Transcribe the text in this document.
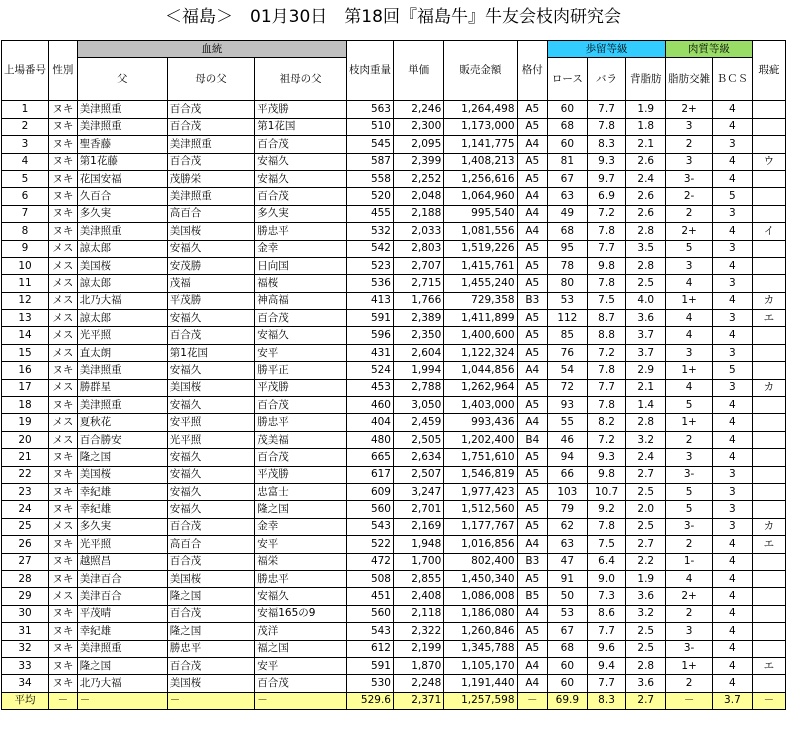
＜福島＞　01月30日　第18回『福島牛』牛友会枝肉研究会
上場番号	性別	血統			枝肉重量	単価	販売金額	格付	歩留等級			肉質等級		瑕疵
		父	母の父	祖母の父					ロース	バラ	背脂肪	脂肪交雑	ＢＣＳ	
1	ヌキ	美津照重	百合茂	平茂勝	563	2,246	1,264,498	A5	60	7.7	1.9	2+	4	
2	ヌキ	美津照重	百合茂	第1花国	510	2,300	1,173,000	A5	68	7.8	1.8	3	4	
3	ヌキ	聖香藤	美津照重	百合茂	545	2,095	1,141,775	A4	60	8.3	2.1	2	3	
4	ヌキ	第1花藤	百合茂	安福久	587	2,399	1,408,213	A5	81	9.3	2.6	3	4	ウ
5	ヌキ	花国安福	茂勝栄	安福久	558	2,252	1,256,616	A5	67	9.7	2.4	3-	4	
6	ヌキ	久百合	美津照重	百合茂	520	2,048	1,064,960	A4	63	6.9	2.6	2-	5	
7	ヌキ	多久実	高百合	多久実	455	2,188	995,540	A4	49	7.2	2.6	2	3	
8	ヌキ	美津照重	美国桜	勝忠平	532	2,033	1,081,556	A4	68	7.8	2.8	2+	4	イ
9	メス	諒太郎	安福久	金幸	542	2,803	1,519,226	A5	95	7.7	3.5	5	3	
10	メス	美国桜	安茂勝	日向国	523	2,707	1,415,761	A5	78	9.8	2.8	3	4	
11	メス	諒太郎	茂福	福桜	536	2,715	1,455,240	A5	80	7.8	2.5	4	3	
12	メス	北乃大福	平茂勝	神高福	413	1,766	729,358	B3	53	7.5	4.0	1+	4	カ
13	メス	諒太郎	安福久	百合茂	591	2,389	1,411,899	A5	112	8.7	3.6	4	3	エ
14	メス	光平照	百合茂	安福久	596	2,350	1,400,600	A5	85	8.8	3.7	4	4	
15	メス	直太朗	第1花国	安平	431	2,604	1,122,324	A5	76	7.2	3.7	3	3	
16	ヌキ	美津照重	安福久	勝平正	524	1,994	1,044,856	A4	54	7.8	2.9	1+	5	
17	メス	勝群星	美国桜	平茂勝	453	2,788	1,262,964	A5	72	7.7	2.1	4	3	カ
18	ヌキ	美津照重	安福久	百合茂	460	3,050	1,403,000	A5	93	7.8	1.4	5	4	
19	メス	夏秋花	安平照	勝忠平	404	2,459	993,436	A4	55	8.2	2.8	1+	4	
20	メス	百合勝安	光平照	茂美福	480	2,505	1,202,400	B4	46	7.2	3.2	2	4	
21	ヌキ	隆之国	安福久	百合茂	665	2,634	1,751,610	A5	94	9.3	2.4	3	4	
22	ヌキ	美国桜	安福久	平茂勝	617	2,507	1,546,819	A5	66	9.8	2.7	3-	3	
23	ヌキ	幸紀雄	安福久	忠富士	609	3,247	1,977,423	A5	103	10.7	2.5	5	3	
24	ヌキ	幸紀雄	安福久	隆之国	560	2,701	1,512,560	A5	79	9.2	2.0	5	3	
25	メス	多久実	百合茂	金幸	543	2,169	1,177,767	A5	62	7.8	2.5	3-	3	カ
26	ヌキ	光平照	高百合	安平	522	1,948	1,016,856	A4	63	7.5	2.7	2	4	エ
27	ヌキ	越照昌	百合茂	福栄	472	1,700	802,400	B3	47	6.4	2.2	1-	4	
28	ヌキ	美津百合	美国桜	勝忠平	508	2,855	1,450,340	A5	91	9.0	1.9	4	4	
29	メス	美津百合	隆之国	安福久	451	2,408	1,086,008	B5	50	7.3	3.6	2+	4	
30	ヌキ	平茂晴	百合茂	安福165の9	560	2,118	1,186,080	A4	53	8.6	3.2	2	4	
31	ヌキ	幸紀雄	隆之国	茂洋	543	2,322	1,260,846	A5	67	7.7	2.5	3	4	
32	ヌキ	美津照重	勝忠平	福之国	612	2,199	1,345,788	A5	68	9.6	2.5	3-	4	
33	ヌキ	隆之国	百合茂	安平	591	1,870	1,105,170	A4	60	9.4	2.8	1+	4	エ
34	ヌキ	北乃大福	美国桜	百合茂	530	2,248	1,191,440	A4	60	7.7	3.6	2	4	
平均	－	－	－	－	529.6	2,371	1,257,598	－	69.9	8.3	2.7	－	3.7	－
